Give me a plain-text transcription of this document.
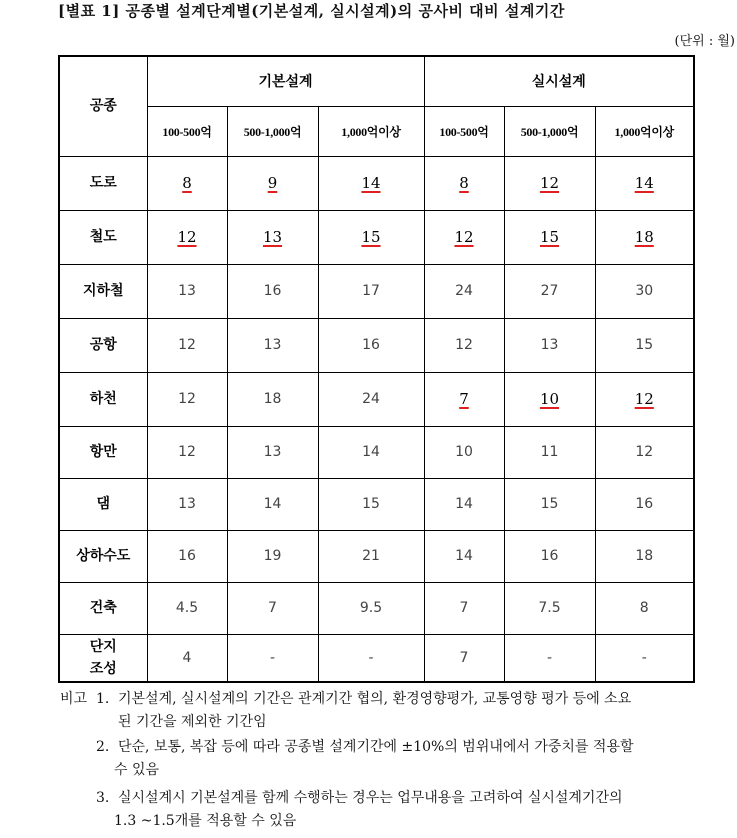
[별표 1] 공종별 설계단계별(기본설계, 실시설계)의 공사비 대비 설계기간
(단위 : 월)
공종	기본설계			실시설계		
	100-500억	500-1,000억	1,000억이상	100-500억	500-1,000억	1,000억이상
도로	8	9	14	8	12	14
철도	12	13	15	12	15	18
지하철	13	16	17	24	27	30
공항	12	13	16	12	13	15
하천	12	18	24	7	10	12
항만	12	13	14	10	11	12
댐	13	14	15	14	15	16
상하수도	16	19	21	14	16	18
건축	4.5	7	9.5	7	7.5	8
단지
조성	4	-	-	7	-	-
비고 1. 기본설계, 실시설계의 기간은 관계기간 협의, 환경영향평가, 교통영향 평가 등에 소요
된 기간을 제외한 기간임
2. 단순, 보통, 복잡 등에 따라 공종별 설계기간에 ±10%의 범위내에서 가중치를 적용할
수 있음
3. 실시설계시 기본설계를 함께 수행하는 경우는 업무내용을 고려하여 실시설계기간의
1.3 ~1.5개를 적용할 수 있음
